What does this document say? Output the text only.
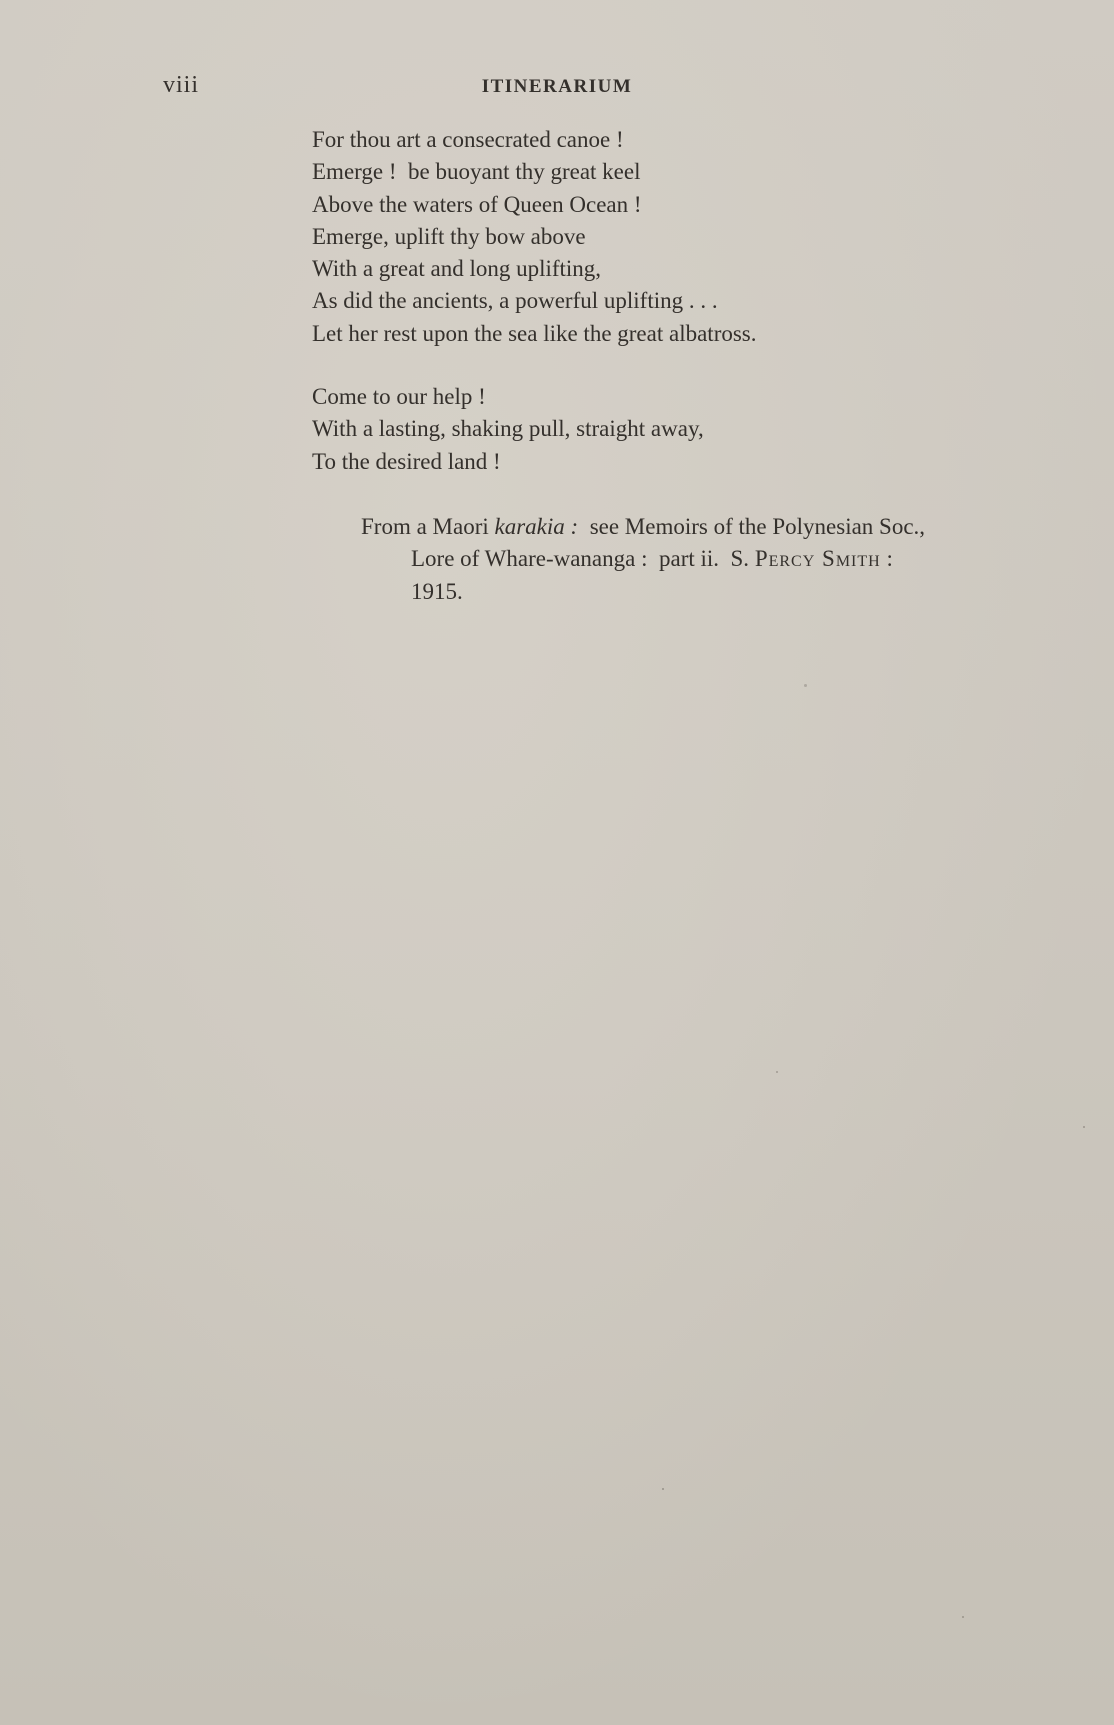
viii	ITINERARIUM
For thou art a consecrated canoe !
Emerge !  be buoyant thy great keel
Above the waters of Queen Ocean !
Emerge, uplift thy bow above
With a great and long uplifting,
As did the ancients, a powerful uplifting . . .
Let her rest upon the sea like the great albatross.
Come to our help !
With a lasting, shaking pull, straight away,
To the desired land !
From a Maori karakia :  see Memoirs of the Polynesian Soc.,
Lore of Whare-wananga :  part ii.  S. Percy Smith :
1915.
